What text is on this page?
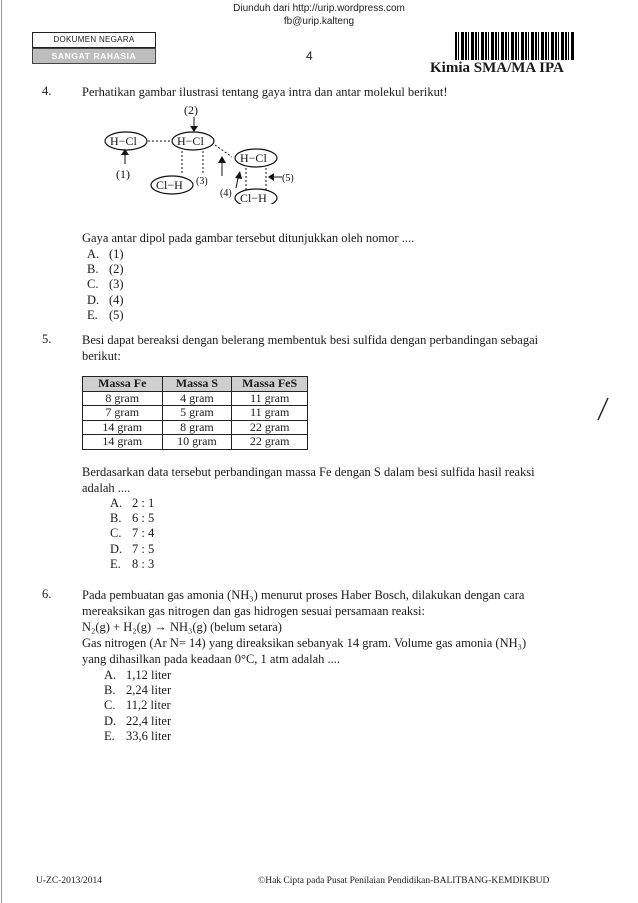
Diunduh dari http://urip.wordpress.com
fb@urip.kalteng
DOKUMEN NEGARA
SANGAT RAHASIA	4
Kimia SMA/MA IPA
4. Perhatikan gambar ilustrasi tentang gaya intra dan antar molekul berikut!
(2)
H−Cl	H−Cl
(1)
Cl−H (3)
H−Cl
(4)
(5)
Cl−H
Gaya antar dipol pada gambar tersebut ditunjukkan oleh nomor ....
A. (1)
B. (2)
C. (3)
D. (4)
E. (5)
5. Besi dapat bereaksi dengan belerang membentuk besi sulfida dengan perbandingan sebagai
berikut:
Massa Fe	Massa S	Massa FeS
8 gram	4 gram	11 gram
7 gram	5 gram	11 gram
14 gram	8 gram	22 gram
14 gram	10 gram	22 gram
Berdasarkan data tersebut perbandingan massa Fe dengan S dalam besi sulfida hasil reaksi
adalah ....
A. 2 : 1
B. 6 : 5
C. 7 : 4
D. 7 : 5
E. 8 : 3
6. Pada pembuatan gas amonia (NH₃) menurut proses Haber Bosch, dilakukan dengan cara
mereaksikan gas nitrogen dan gas hidrogen sesuai persamaan reaksi:
N₂(g) + H₂(g) → NH₃(g) (belum setara)
Gas nitrogen (Ar N= 14) yang direaksikan sebanyak 14 gram. Volume gas amonia (NH₃)
yang dihasilkan pada keadaan 0°C, 1 atm adalah ....
A. 1,12 liter
B. 2,24 liter
C. 11,2 liter
D. 22,4 liter
E. 33,6 liter
U-ZC-2013/2014	©Hak Cipta pada Pusat Penilaian Pendidikan-BALITBANG-KEMDIKBUD
